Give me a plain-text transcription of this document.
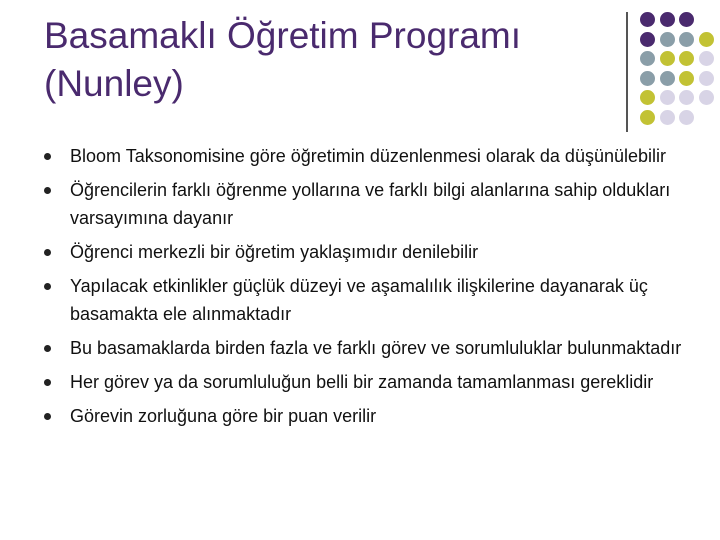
Basamaklı Öğretim Programı
(Nunley)
Bloom Taksonomisine göre öğretimin düzenlenmesi olarak da düşünülebilir
Öğrencilerin farklı öğrenme yollarına ve farklı bilgi alanlarına sahip oldukları varsayımına dayanır
Öğrenci merkezli bir öğretim yaklaşımıdır denilebilir
Yapılacak etkinlikler güçlük düzeyi ve aşamalılık ilişkilerine dayanarak üç basamakta ele alınmaktadır
Bu basamaklarda birden fazla ve farklı görev ve sorumluluklar bulunmaktadır
Her görev ya da sorumluluğun belli bir zamanda tamamlanması gereklidir
Görevin zorluğuna göre bir puan verilir
